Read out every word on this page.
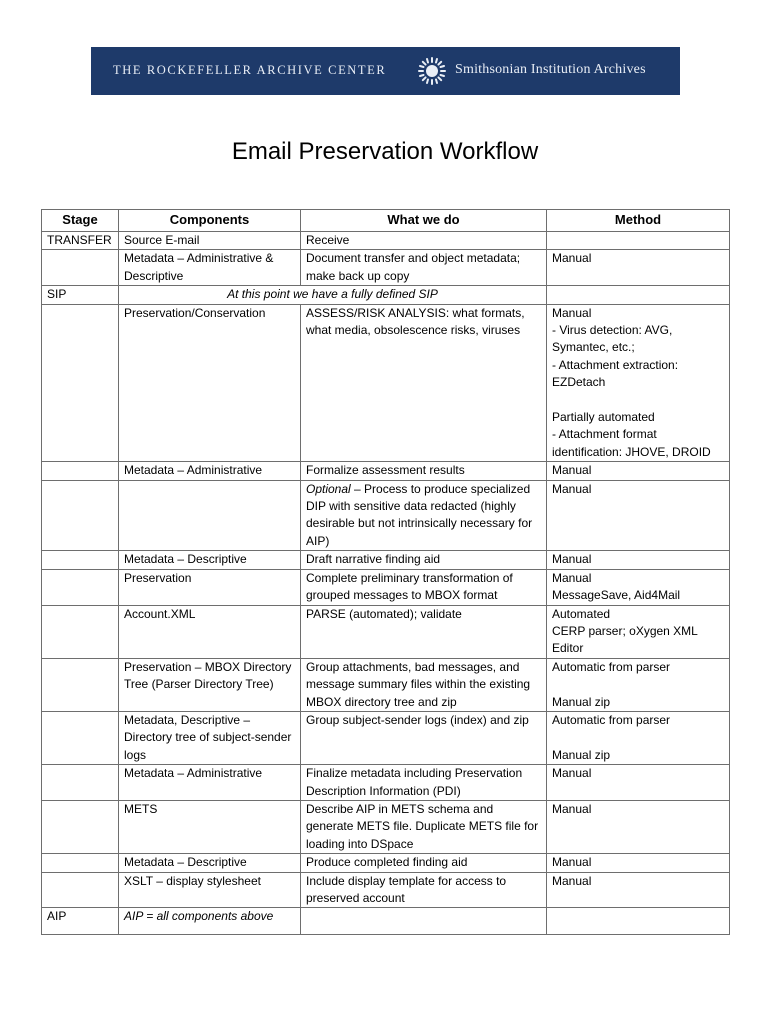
THE ROCKEFELLER ARCHIVE CENTER	Smithsonian Institution Archives
Email Preservation Workflow
Stage	Components	What we do	Method
TRANSFER	Source E-mail	Receive	
	Metadata – Administrative & Descriptive	Document transfer and object metadata; make back up copy	Manual
SIP	At this point we have a fully defined SIP		
	Preservation/Conservation	ASSESS/RISK ANALYSIS: what formats, what media, obsolescence risks, viruses	Manual
- Virus detection: AVG, Symantec, etc.;
- Attachment extraction: EZDetach
Partially automated
- Attachment format identification: JHOVE, DROID

	Metadata – Administrative	Formalize assessment results	Manual
		Optional – Process to produce specialized DIP with sensitive data redacted (highly desirable but not intrinsically necessary for AIP)	Manual
	Metadata – Descriptive	Draft narrative finding aid	Manual
	Preservation	Complete preliminary transformation of grouped messages to MBOX format	Manual
MessageSave, Aid4Mail

	Account.XML	PARSE (automated); validate	Automated
CERP parser; oXygen XML Editor

	Preservation – MBOX Directory Tree (Parser Directory Tree)	Group attachments, bad messages, and message summary files within the existing MBOX directory tree and zip	Automatic from parser
Manual zip

	Metadata, Descriptive – Directory tree of subject-sender logs	Group subject-sender logs (index) and zip	Automatic from parser
Manual zip

	Metadata – Administrative	Finalize metadata including Preservation Description Information (PDI)	Manual
	METS	Describe AIP in METS schema and generate METS file. Duplicate METS file for loading into DSpace	Manual
	Metadata – Descriptive	Produce completed finding aid	Manual
	XSLT – display stylesheet	Include display template for access to preserved account	Manual
AIP	AIP = all components above		
